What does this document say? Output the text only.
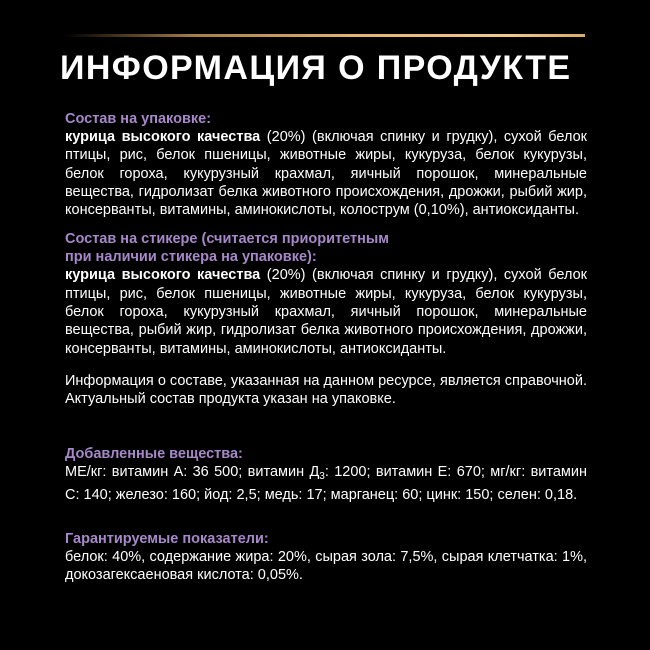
ИНФОРМАЦИЯ О ПРОДУКТЕ
Состав на упаковке:
курица высокого качества (20%) (включая спинку и грудку), сухой белок птицы, рис, белок пшеницы, животные жиры, кукуруза, белок кукурузы, белок гороха, кукурузный крахмал, яичный порошок, минеральные вещества, гидролизат белка животного происхождения, дрожжи, рыбий жир, консерванты, витамины, аминокислоты, колострум (0,10%), антиоксиданты.
Состав на стикере (считается приоритетным
при наличии стикера на упаковке):
курица высокого качества (20%) (включая спинку и грудку), сухой белок птицы, рис, белок пшеницы, животные жиры, кукуруза, белок кукурузы, белок гороха, кукурузный крахмал, яичный порошок, минеральные вещества, рыбий жир, гидролизат белка животного происхождения, дрожжи, консерванты, витамины, аминокислоты, антиоксиданты.
Информация о составе, указанная на данном ресурсе, является справочной. Актуальный состав продукта указан на упаковке.
Добавленные вещества:
МЕ/кг: витамин А: 36 500; витамин $Д_3$: 1200; витамин Е: 670; мг/кг: витамин С: 140; железо: 160; йод: 2,5; медь: 17; марганец: 60; цинк: 150; селен: 0,18.
Гарантируемые показатели:
белок: 40%, содержание жира: 20%, сырая зола: 7,5%, сырая клетчатка: 1%, докозагексаеновая кислота: 0,05%.
